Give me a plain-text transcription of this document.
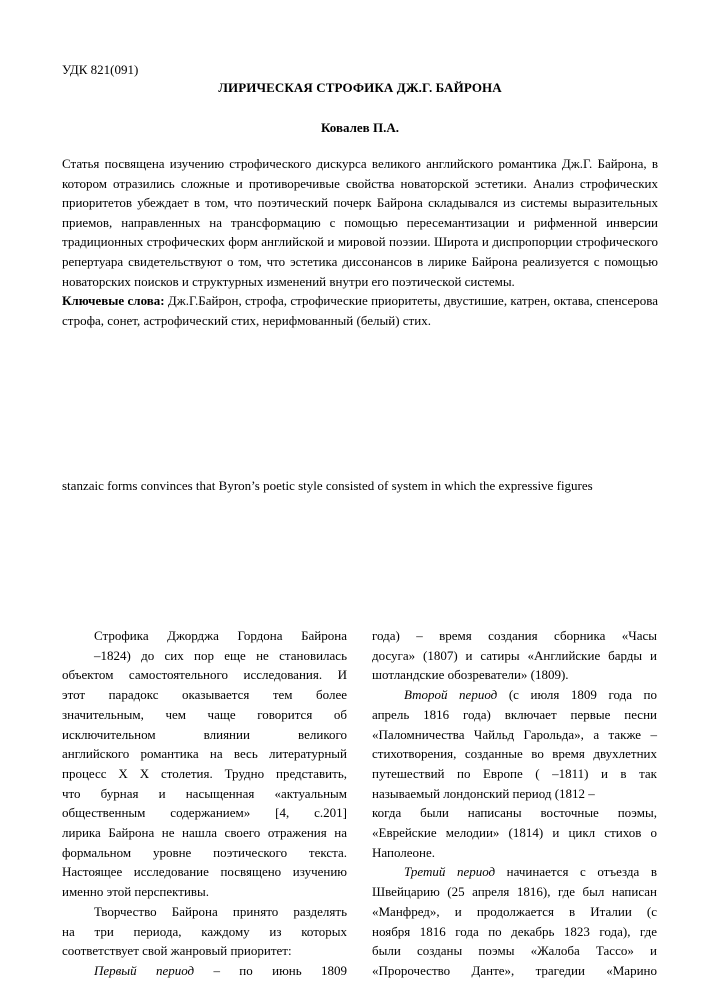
УДК 821(091)
ЛИРИЧЕСКАЯ СТРОФИКА ДЖ.Г. БАЙРОНА
Ковалев П.А.

Статья посвящена изучению строфического дискурса великого английского романтика Дж.Г. Байрона, в котором отразились сложные и противоречивые свойства новаторской эстетики. Анализ строфических приоритетов убеждает в том, что поэтический почерк Байрона складывался из системы выразительных приемов, направленных на трансформацию с помощью пересемантизации и рифменной инверсии традиционных строфических форм английской и мировой поэзии. Широта и диспропорции строфического репертуара свидетельствуют о том, что эстетика диссонансов в лирике Байрона реализуется с помощью новаторских поисков и структурных изменений внутри его поэтической системы.

Ключевые слова: Дж.Г.Байрон, строфа, строфические приоритеты, двустишие, катрен, октава, спенсерова строфа, сонет, астрофический стих, нерифмованный (белый) стих.

stanzaic forms convinces that Byron’s poetic style consisted of system in which the expressive figures
Строфика Джорджа Гордона Байрона
–1824) до сих пор еще не становилась
объектом самостоятельного исследования. И
этот парадокс оказывается тем более
значительным, чем чаще говорится об
исключительном влиянии великого
английского романтика на весь литературный
процесс X X столетия. Трудно представить,
что бурная и насыщенная «актуальным
общественным содержанием» [4, с.201]
лирика Байрона не нашла своего отражения на
формальном уровне поэтического текста.
Настоящее исследование посвящено изучению
именно этой перспективы.
Творчество Байрона принято разделять
на три периода, каждому из которых
соответствует свой жанровый приоритет:
Первый период – по июнь 1809
года) – время создания сборника «Часы
досуга» (1807) и сатиры «Английские барды и
шотландские обозреватели» (1809).
Второй период (с июля 1809 года по
апрель 1816 года) включает первые песни
«Паломничества Чайльд Гарольда», а также –
стихотворения, созданные во время двухлетних
путешествий по Европе ( –1811) и в так
называемый лондонский период (1812 –
когда были написаны восточные поэмы,
«Еврейские мелодии» (1814) и цикл стихов о
Наполеоне.
Третий период начинается с отъезда в
Швейцарию (25 апреля 1816), где был написан
«Манфред», и продолжается в Италии (с
ноября 1816 года по декабрь 1823 года), где
были созданы поэмы «Жалоба Тассо» и
«Пророчество Данте», трагедии «Марино
